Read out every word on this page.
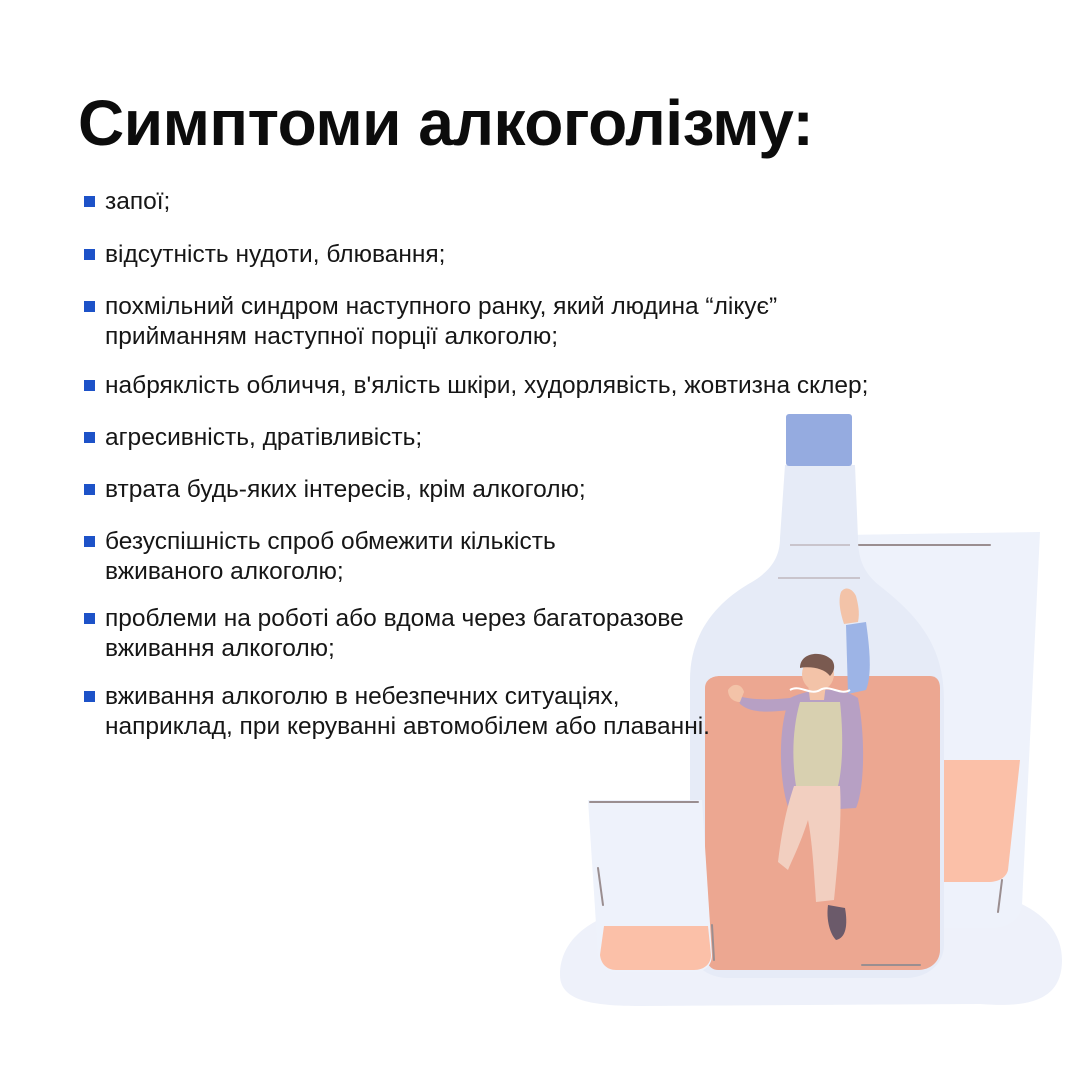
Симптоми алкоголізму:
запої;
відсутність нудоти, блювання;
похмільний синдром наступного ранку, який людина “лікує”
прийманням наступної порції алкоголю;
набряклість обличчя, в'ялість шкіри, худорлявість, жовтизна склер;
агресивність, дратівливість;
втрата будь-яких інтересів, крім алкоголю;
безуспішність спроб обмежити кількість
вживаного алкоголю;
проблеми на роботі або вдома через багаторазове
вживання алкоголю;
вживання алкоголю в небезпечних ситуаціях,
наприклад, при керуванні автомобілем або плаванні.
